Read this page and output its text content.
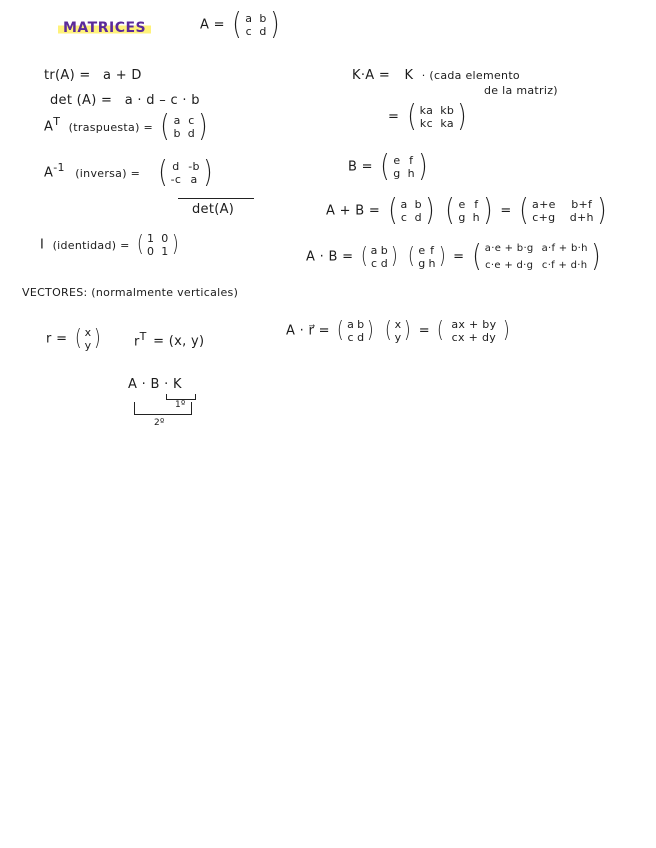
MATRICES	A = ( a b
c d )
tr(A) = a + D
det (A) = a · d – c · b
$A^T$ (traspuesta) = ( a c
b d )
$A^{-1}$ (inversa) = ( d -b
-c a )
det(A)
I (identidad) = ( 1 0
0 1 )
K·A = K · (cada elemento
de la matriz)
= ( ka kb
kc ka )
B = ( e f
g h )
A + B = ( a b
c d )
( e f
g h ) = ( a+e b+f
c+g d+h )
A · B = ( a b
c d )
( e f
g h ) = ( a·e + b·g a·f + b·h
c·e + d·g c·f + d·h )
VECTORES: (normalmente verticales)
r = ( x
y )	$r^T = (x$, y)
A · r⃗ = ( a b
c d )
( x
y ) = ( ax + by
cx + dy )
A · B · K
1º
2º
